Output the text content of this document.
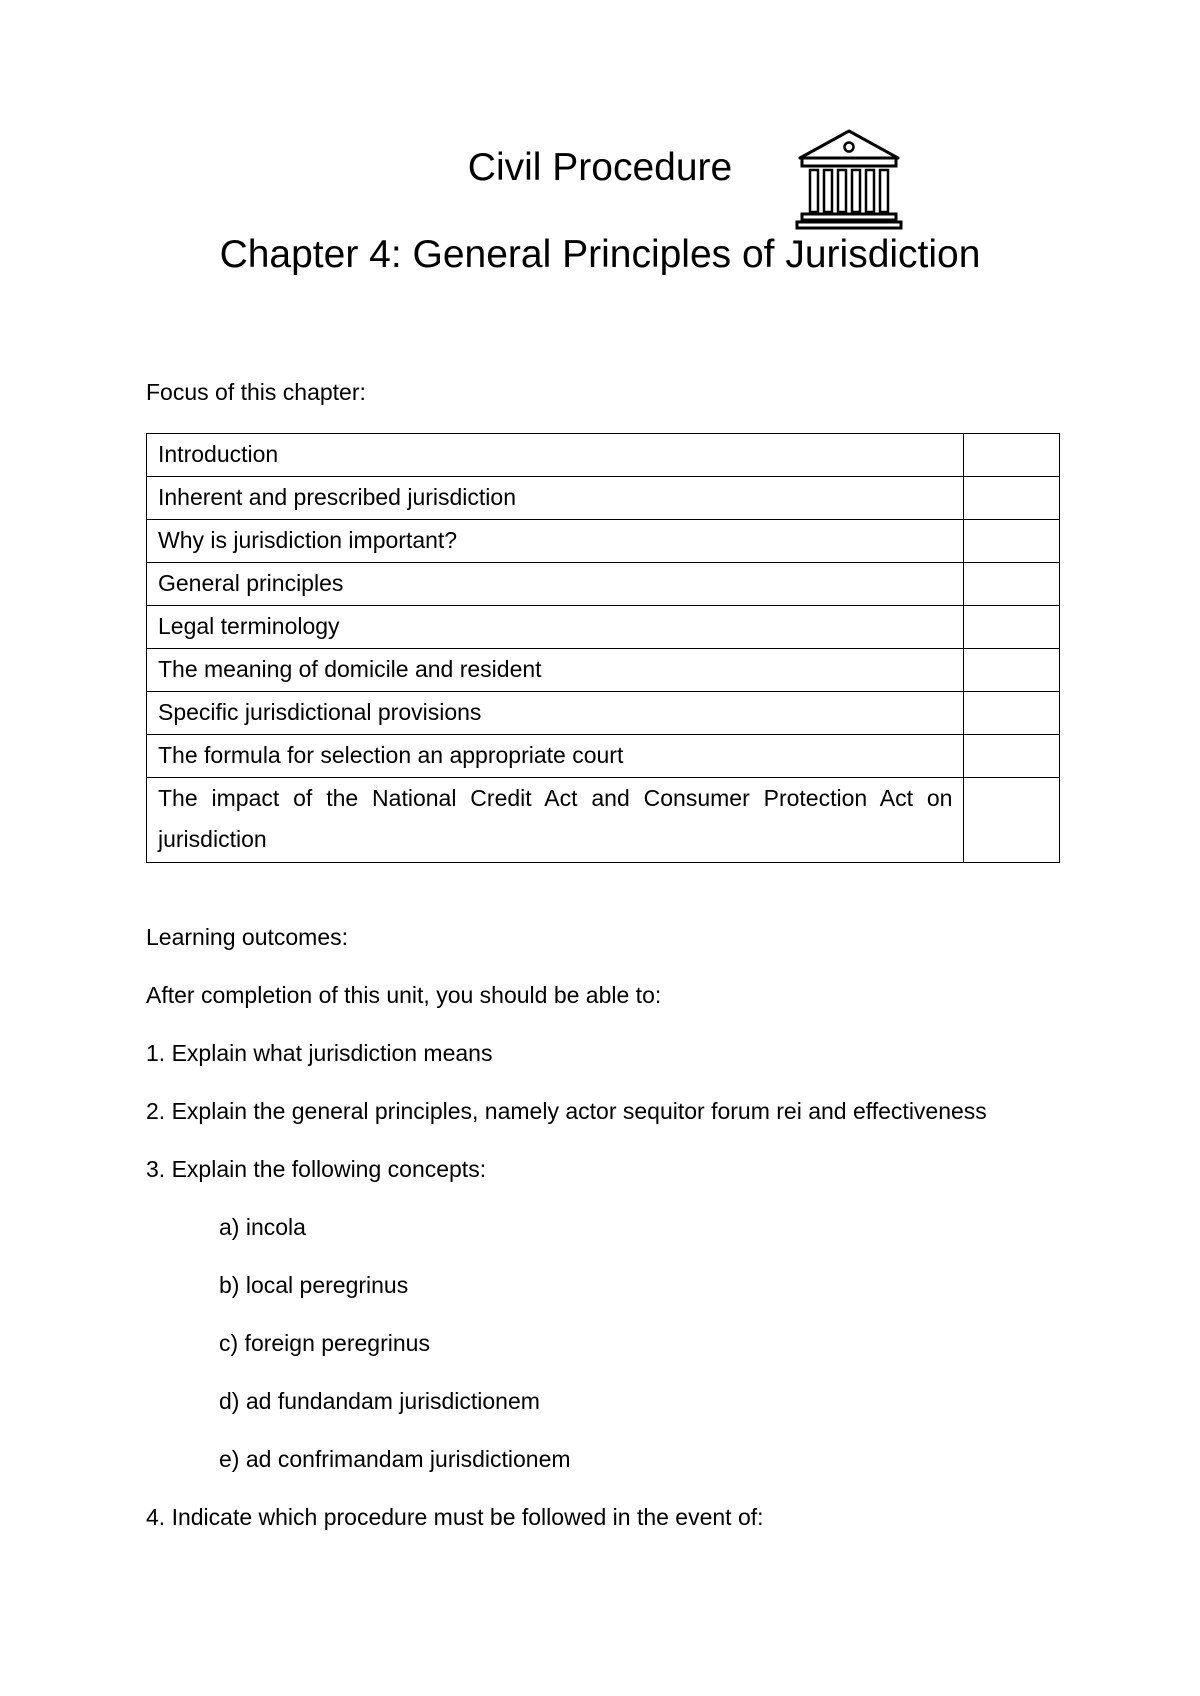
Civil Procedure
Chapter 4: General Principles of Jurisdiction

Focus of this chapter:

Introduction	
Inherent and prescribed jurisdiction	
Why is jurisdiction important?	
General principles	
Legal terminology	
The meaning of domicile and resident	
Specific jurisdictional provisions	
The formula for selection an appropriate court	
The impact of the National Credit Act and Consumer Protection Act on jurisdiction	

Learning outcomes:

After completion of this unit, you should be able to:

1. Explain what jurisdiction means

2. Explain the general principles, namely actor sequitor forum rei and effectiveness

3. Explain the following concepts:

a) incola

b) local peregrinus

c) foreign peregrinus

d) ad fundandam jurisdictionem

e) ad confrimandam jurisdictionem

4. Indicate which procedure must be followed in the event of:
